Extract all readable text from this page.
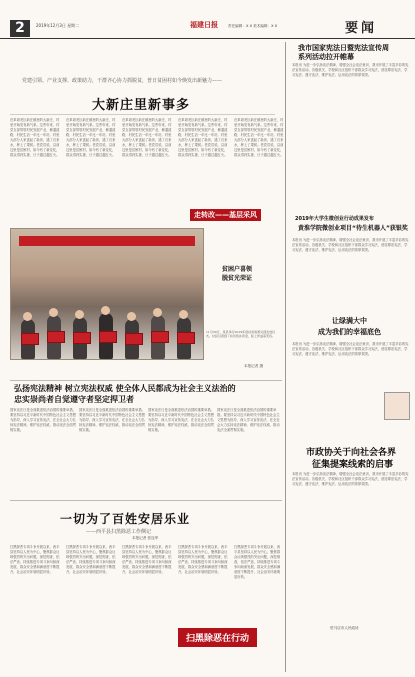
2	2019年12月3日 星期二	福建日报	责任编辑：X X 美术编辑：X X	要闻
党建引领、产业支撑、政策助力，干群齐心协力抓脱贫，普日贫困村如今焕发出新魅力——
大新庄里新事多
在革命老区新庄镇里的大新庄，村里开始见有新气象。这些年来，村党支部带领村民发展产业，修通道路，村民生活一年比一年好。村里大部分人家盖起了新房，通了自来水，种上了果树。老党员说，以前这里是贫困村，如今有了新变化，群众得到实惠，日子越过越红火。
在革命老区新庄镇里的大新庄，村里开始见有新气象。这些年来，村党支部带领村民发展产业，修通道路，村民生活一年比一年好。村里大部分人家盖起了新房，通了自来水，种上了果树。老党员说，以前这里是贫困村，如今有了新变化，群众得到实惠，日子越过越红火。
在革命老区新庄镇里的大新庄，村里开始见有新气象。这些年来，村党支部带领村民发展产业，修通道路，村民生活一年比一年好。村里大部分人家盖起了新房，通了自来水，种上了果树。老党员说，以前这里是贫困村，如今有了新变化，群众得到实惠，日子越过越红火。
在革命老区新庄镇里的大新庄，村里开始见有新气象。这些年来，村党支部带领村民发展产业，修通道路，村民生活一年比一年好。村里大部分人家盖起了新房，通了自来水，种上了果树。老党员说，以前这里是贫困村，如今有了新变化，群众得到实惠，日子越过越红火。
在革命老区新庄镇里的大新庄，村里开始见有新气象。这些年来，村党支部带领村民发展产业，修通道路，村民生活一年比一年好。村里大部分人家盖起了新房，通了自来水，种上了果树。老党员说，以前这里是贫困村，如今有了新变化，群众得到实惠，日子越过越红火。
走转改——基层采风
贫困户喜领
脱贫光荣证
11月30日，某县举行2019年度扶贫政策兑现发放仪式。村民们领到了扶贫奖补资金，脸上洋溢着笑容。
本报记者 摄
我市国家宪法日暨宪法宣传周
系列活动拉开帷幕
本报讯 为进一步弘扬宪法精神，增强全社会宪法意识，我市开展了丰富多彩的宪法宣传活动。各级机关、学校和社区组织干部群众学习宪法，营造尊崇宪法、学习宪法、遵守宪法、维护宪法、运用宪法的浓厚氛围。
2019年大学生微创业行动成果发布
黄淮学院微创业项目“待生机器人”获银奖
本报讯 为进一步弘扬宪法精神，增强全社会宪法意识，我市开展了丰富多彩的宪法宣传活动。各级机关、学校和社区组织干部群众学习宪法，营造尊崇宪法、学习宪法、遵守宪法、维护宪法、运用宪法的浓厚氛围。
让绿满大中
成为我们的幸福底色
本报讯 为进一步弘扬宪法精神，增强全社会宪法意识，我市开展了丰富多彩的宪法宣传活动。各级机关、学校和社区组织干部群众学习宪法，营造尊崇宪法、学习宪法、遵守宪法、维护宪法、运用宪法的浓厚氛围。
市政协关于向社会各界
征集提案线索的启事
本报讯 为进一步弘扬宪法精神，增强全社会宪法意识，我市开展了丰富多彩的宪法宣传活动。各级机关、学校和社区组织干部群众学习宪法，营造尊崇宪法、学习宪法、遵守宪法、维护宪法、运用宪法的浓厚氛围。
驻马店市人民政协
弘扬宪法精神 树立宪法权威 使全体人民都成为社会主义法治的
忠实崇尚者自觉遵守者坚定捍卫者
国家宪法日是全面推进依法治国的重要举措。要坚持以习近平新时代中国特色社会主义思想为指导，深入学习宣传宪法，在全社会大力弘扬宪法精神，维护宪法权威，推动宪法全面贯彻实施。
国家宪法日是全面推进依法治国的重要举措。要坚持以习近平新时代中国特色社会主义思想为指导，深入学习宣传宪法，在全社会大力弘扬宪法精神，维护宪法权威，推动宪法全面贯彻实施。
国家宪法日是全面推进依法治国的重要举措。要坚持以习近平新时代中国特色社会主义思想为指导，深入学习宣传宪法，在全社会大力弘扬宪法精神，维护宪法权威，推动宪法全面贯彻实施。
国家宪法日是全面推进依法治国的重要举措。要坚持以习近平新时代中国特色社会主义思想为指导，深入学习宣传宪法，在全社会大力弘扬宪法精神，维护宪法权威，推动宪法全面贯彻实施。
一切为了百姓安居乐业
——西平县扫黑除恶工作侧记
本报记者 张连军
扫黑除恶专项斗争开展以来，西平县坚持以人民为中心，聚焦群众反映强烈的突出问题，深挖彻查，依法严惩，持续推进专项斗争向纵深发展，群众安全感和满意度不断提升，社会治安环境明显好转。
扫黑除恶专项斗争开展以来，西平县坚持以人民为中心，聚焦群众反映强烈的突出问题，深挖彻查，依法严惩，持续推进专项斗争向纵深发展，群众安全感和满意度不断提升，社会治安环境明显好转。
扫黑除恶专项斗争开展以来，西平县坚持以人民为中心，聚焦群众反映强烈的突出问题，深挖彻查，依法严惩，持续推进专项斗争向纵深发展，群众安全感和满意度不断提升，社会治安环境明显好转。
扫黑除恶专项斗争开展以来，西平县坚持以人民为中心，聚焦群众反映强烈的突出问题，深挖彻查，依法严惩，持续推进专项斗争向纵深发展，群众安全感和满意度不断提升，社会治安环境明显好转。
扫黑除恶专项斗争开展以来，西平县坚持以人民为中心，聚焦群众反映强烈的突出问题，深挖彻查，依法严惩，持续推进专项斗争向纵深发展，群众安全感和满意度不断提升，社会治安环境明显好转。
扫黑除恶在行动
